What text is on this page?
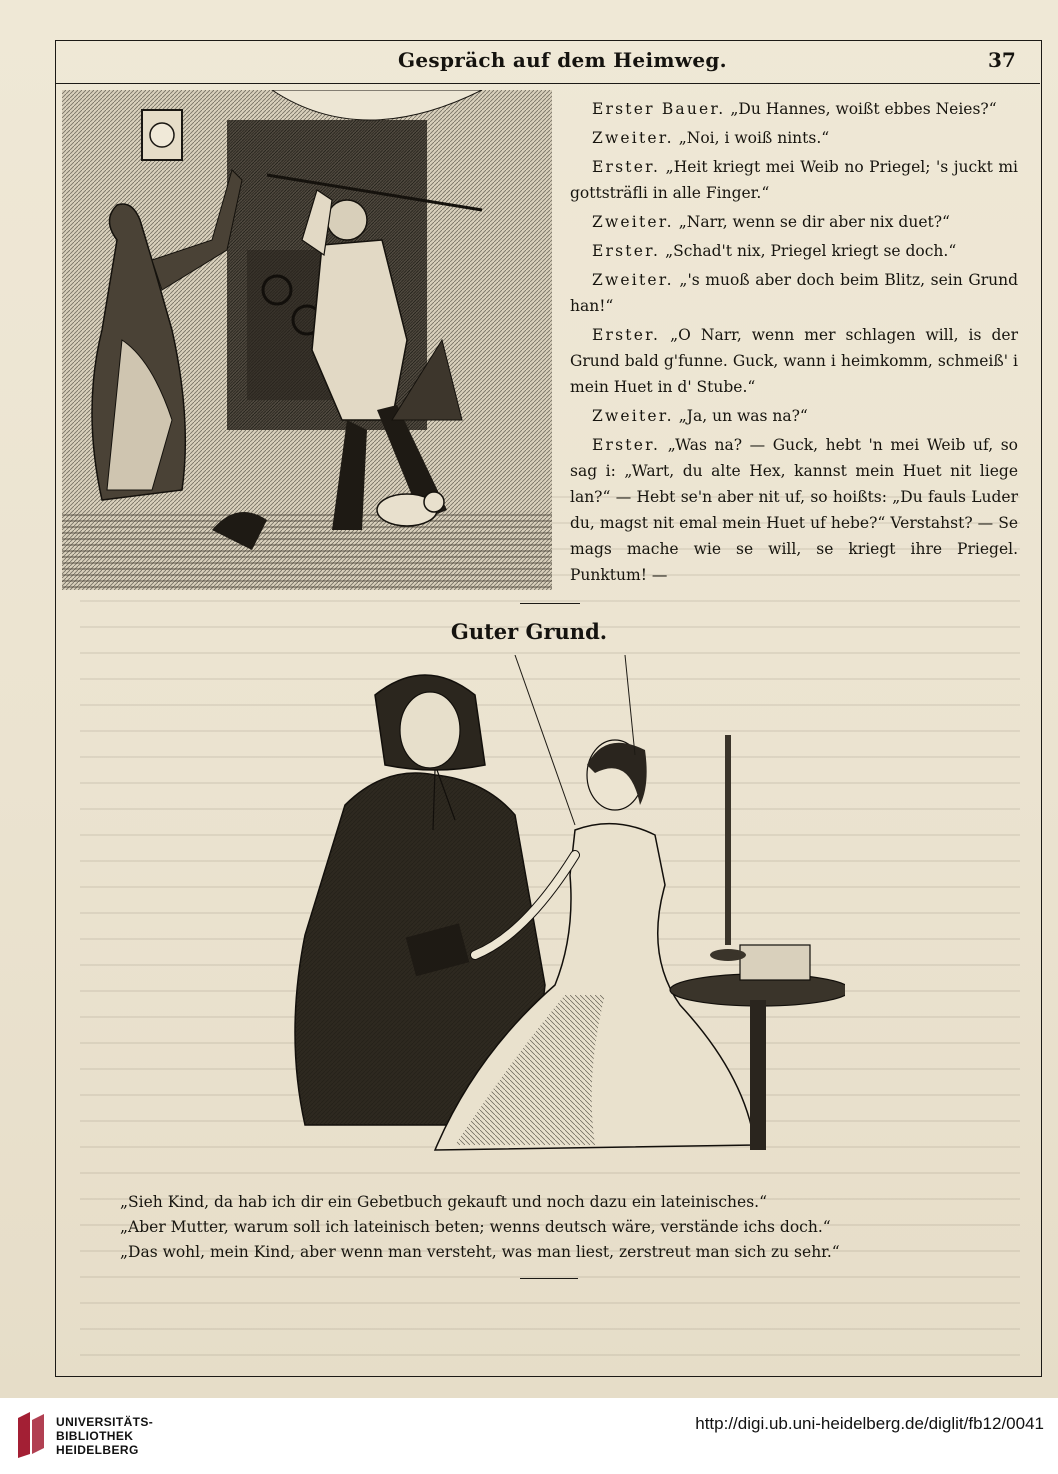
Gespräch auf dem Heimweg.	37

Erster Bauer. „Du Hannes, woißt ebbes Neies?“

Zweiter. „Noi, i woiß nints.“

Erster. „Heit kriegt mei Weib no Priegel; 's juckt mi gottsträfli in alle Finger.“

Zweiter. „Narr, wenn se dir aber nix duet?“

Erster. „Schad't nix, Priegel kriegt se doch.“

Zweiter. „'s muoß aber doch beim Blitz, sein Grund han!“

Erster. „O Narr, wenn mer schlagen will, is der Grund bald g'funne. Guck, wann i heimkomm, schmeiß' i mein Huet in d' Stube.“

Zweiter. „Ja, un was na?“

Erster. „Was na? — Guck, hebt 'n mei Weib uf, so sag i: „Wart, du alte Hex, kannst mein Huet nit liege lan?“ — Hebt se'n aber nit uf, so hoißts: „Du fauls Luder du, magst nit emal mein Huet uf hebe?“ Verstahst? — Se mags mache wie se will, se kriegt ihre Priegel. Punktum! —

Guter Grund.
„Sieh Kind, da hab ich dir ein Gebetbuch gekauft und noch dazu ein lateinisches.“
„Aber Mutter, warum soll ich lateinisch beten; wenns deutsch wäre, verstände ichs doch.“
„Das wohl, mein Kind, aber wenn man versteht, was man liest, zerstreut man sich zu sehr.“
UNIVERSITÄTS-
BIBLIOTHEK
HEIDELBERG
http://digi.ub.uni-heidelberg.de/diglit/fb12/0041
